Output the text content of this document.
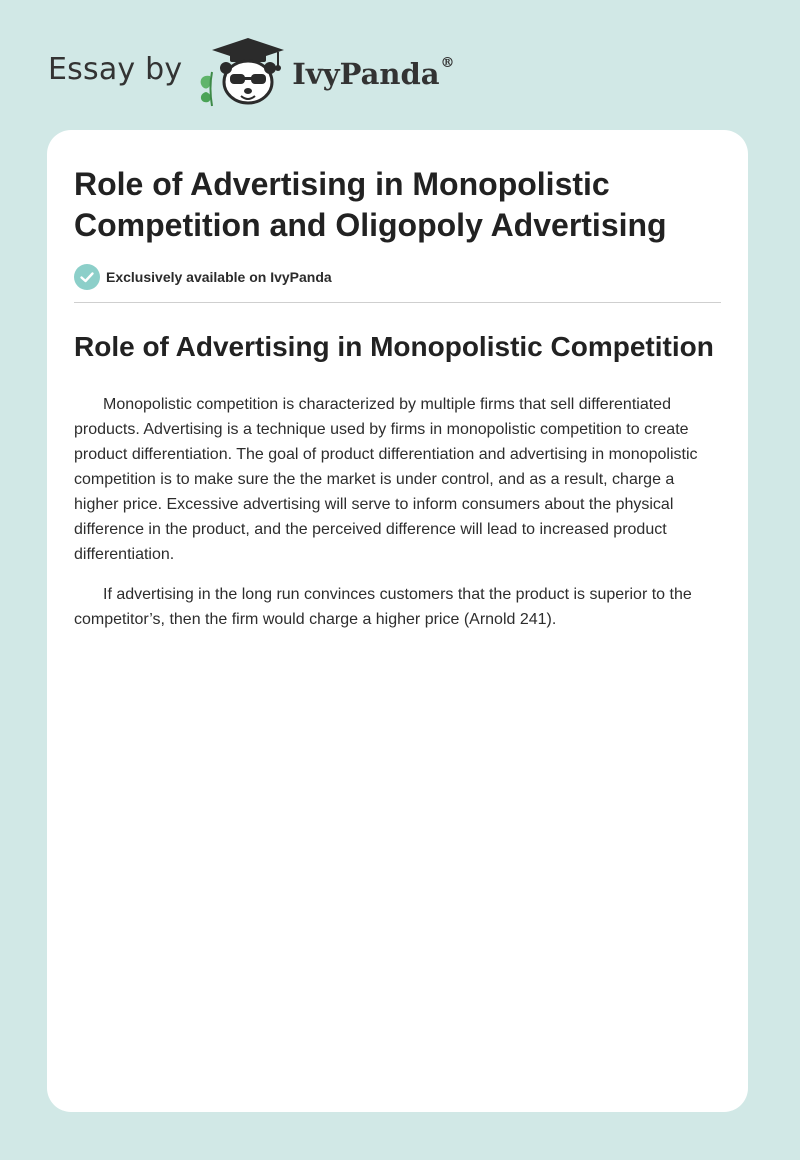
Essay by	IvyPanda®
Role of Advertising in Monopolistic Competition and Oligopoly Advertising
Exclusively available on IvyPanda
Role of Advertising in Monopolistic Competition

Monopolistic competition is characterized by multiple firms that sell differentiated products. Advertising is a technique used by firms in monopolistic competition to create product differentiation. The goal of product differentiation and advertising in monopolistic competition is to make sure the the market is under control, and as a result, charge a higher price. Excessive advertising will serve to inform consumers about the physical difference in the product, and the perceived difference will lead to increased product differentiation.

If advertising in the long run convinces customers that the product is superior to the competitor’s, then the firm would charge a higher price (Arnold 241).
